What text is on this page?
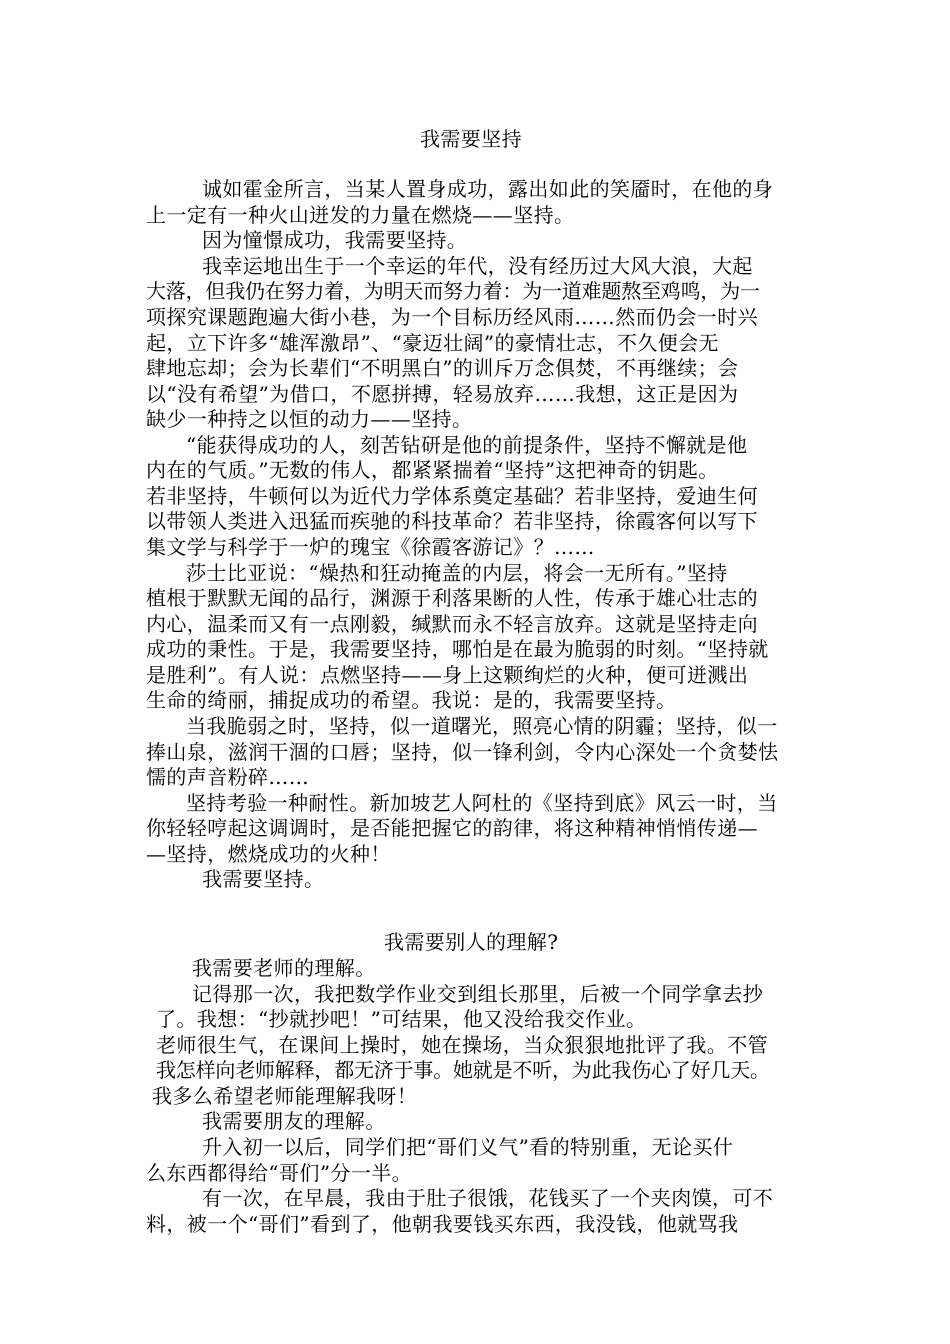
我需要坚持
诚如霍金所言，当某人置身成功，露出如此的笑靥时，在他的身
上一定有一种火山迸发的力量在燃烧——坚持。
因为憧憬成功，我需要坚持。
我幸运地出生于一个幸运的年代，没有经历过大风大浪，大起
大落，但我仍在努力着，为明天而努力着：为一道难题熬至鸡鸣，为一
项探究课题跑遍大街小巷，为一个目标历经风雨……然而仍会一时兴
起，立下许多“雄浑激昂”、“豪迈壮阔”的豪情壮志，不久便会无
肆地忘却；会为长辈们“不明黑白”的训斥万念俱焚，不再继续；会
以“没有希望”为借口，不愿拼搏，轻易放弃……我想，这正是因为
缺少一种持之以恒的动力——坚持。
“能获得成功的人，刻苦钻研是他的前提条件，坚持不懈就是他
内在的气质。”无数的伟人，都紧紧揣着“坚持”这把神奇的钥匙。
若非坚持，牛顿何以为近代力学体系奠定基础？若非坚持，爱迪生何
以带领人类进入迅猛而疾驰的科技革命？若非坚持，徐霞客何以写下
集文学与科学于一炉的瑰宝《徐霞客游记》？……
莎士比亚说：“燥热和狂动掩盖的内层，将会一无所有。”坚持
植根于默默无闻的品行，渊源于利落果断的人性，传承于雄心壮志的
内心，温柔而又有一点刚毅，缄默而永不轻言放弃。这就是坚持走向
成功的秉性。于是，我需要坚持，哪怕是在最为脆弱的时刻。“坚持就
是胜利”。有人说：点燃坚持——身上这颗绚烂的火种，便可迸溅出
生命的绮丽，捕捉成功的希望。我说：是的，我需要坚持。
当我脆弱之时，坚持，似一道曙光，照亮心情的阴霾；坚持，似一
捧山泉，滋润干涸的口唇；坚持，似一锋利剑，令内心深处一个贪婪怯
懦的声音粉碎……
坚持考验一种耐性。新加坡艺人阿杜的《坚持到底》风云一时，当
你轻轻哼起这调调时，是否能把握它的韵律，将这种精神悄悄传递—
—坚持，燃烧成功的火种！
我需要坚持。
我需要别人的理解?
我需要老师的理解。
记得那一次，我把数学作业交到组长那里，后被一个同学拿去抄
了。我想：“抄就抄吧！”可结果，他又没给我交作业。
老师很生气，在课间上操时，她在操场，当众狠狠地批评了我。不管
我怎样向老师解释，都无济于事。她就是不听，为此我伤心了好几天。
我多么希望老师能理解我呀！
我需要朋友的理解。
升入初一以后，同学们把“哥们义气”看的特别重，无论买什
么东西都得给“哥们”分一半。
有一次，在早晨，我由于肚子很饿，花钱买了一个夹肉馍，可不
料，被一个“哥们”看到了，他朝我要钱买东西，我没钱，他就骂我
